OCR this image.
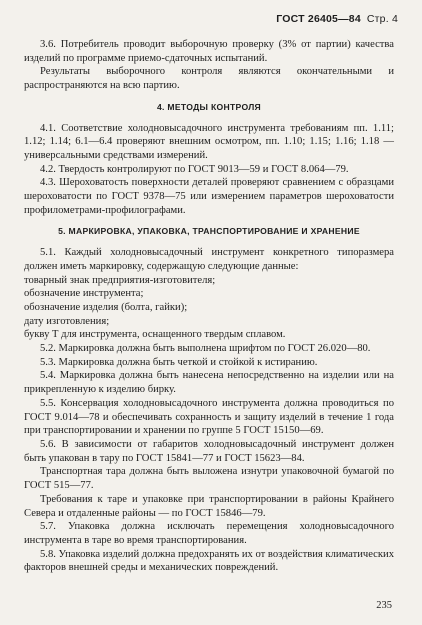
ГОСТ 26405—84 Стр. 4

3.6. Потребитель проводит выборочную проверку (3% от партии) качества изделий по программе приемо-сдаточных испытаний.

Результаты выборочного контроля являются окончательными и распространяются на всю партию.

4. МЕТОДЫ КОНТРОЛЯ

4.1. Соответствие холодновысадочного инструмента требованиям пп. 1.11; 1.12; 1.14; 6.1—6.4 проверяют внешним осмотром, пп. 1.10; 1.15; 1.16; 1.18 — универсальными средствами измерений.

4.2. Твердость контролируют по ГОСТ 9013—59 и ГОСТ 8.064—79.

4.3. Шероховатость поверхности деталей проверяют сравнением с образцами шероховатости по ГОСТ 9378—75 или измерением параметров шероховатости профилометрами-профилографами.

5. МАРКИРОВКА, УПАКОВКА, ТРАНСПОРТИРОВАНИЕ И ХРАНЕНИЕ

5.1. Каждый холодновысадочный инструмент конкретного типоразмера должен иметь маркировку, содержащую следующие данные:

товарный знак предприятия-изготовителя;

обозначение инструмента;

обозначение изделия (болта, гайки);

дату изготовления;

букву Т для инструмента, оснащенного твердым сплавом.

5.2. Маркировка должна быть выполнена шрифтом по ГОСТ 26.020—80.

5.3. Маркировка должна быть четкой и стойкой к истиранию.

5.4. Маркировка должна быть нанесена непосредственно на изделии или на прикрепленную к изделию бирку.

5.5. Консервация холодновысадочного инструмента должна проводиться по ГОСТ 9.014—78 и обеспечивать сохранность и защиту изделий в течение 1 года при транспортировании и хранении по группе 5 ГОСТ 15150—69.

5.6. В зависимости от габаритов холодновысадочный инструмент должен быть упакован в тару по ГОСТ 15841—77 и ГОСТ 15623—84.

Транспортная тара должна быть выложена изнутри упаковочной бумагой по ГОСТ 515—77.

Требования к таре и упаковке при транспортировании в районы Крайнего Севера и отдаленные районы — по ГОСТ 15846—79.

5.7. Упаковка должна исключать перемещения холодновысадочного инструмента в таре во время транспортирования.

5.8. Упаковка изделий должна предохранять их от воздействия климатических факторов внешней среды и механических повреждений.

235
